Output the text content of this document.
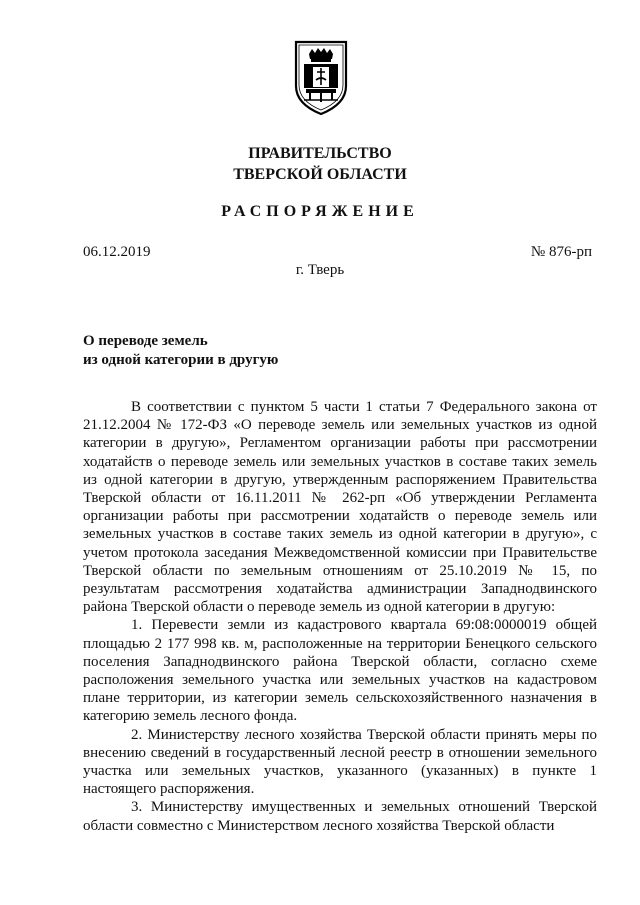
ПРАВИТЕЛЬСТВО
ТВЕРСКОЙ ОБЛАСТИ
РАСПОРЯЖЕНИЕ
06.12.2019	№ 876-рп
г. Тверь
О переводе земель
из одной категории в другую

В соответствии с пунктом 5 части 1 статьи 7 Федерального закона от 21.12.2004 № 172-ФЗ «О переводе земель или земельных участков из одной категории в другую», Регламентом организации работы при рассмотрении ходатайств о переводе земель или земельных участков в составе таких земель из одной категории в другую, утвержденным распоряжением Правительства Тверской области от 16.11.2011 № 262-рп «Об утверждении Регламента организации работы при рассмотрении ходатайств о переводе земель или земельных участков в составе таких земель из одной категории в другую», с учетом протокола заседания Межведомственной комиссии при Правительстве Тверской области по земельным отношениям от 25.10.2019 № 15, по результатам рассмотрения ходатайства администрации Западнодвинского района Тверской области о переводе земель из одной категории в другую:

1. Перевести земли из кадастрового квартала 69:08:0000019 общей площадью 2 177 998 кв. м, расположенные на территории Бенецкого сельского поселения Западнодвинского района Тверской области, согласно схеме расположения земельного участка или земельных участков на кадастровом плане территории, из категории земель сельскохозяйственного назначения в категорию земель лесного фонда.

2. Министерству лесного хозяйства Тверской области принять меры по внесению сведений в государственный лесной реестр в отношении земельного участка или земельных участков, указанного (указанных) в пункте 1 настоящего распоряжения.

3. Министерству имущественных и земельных отношений Тверской области совместно с Министерством лесного хозяйства Тверской области
